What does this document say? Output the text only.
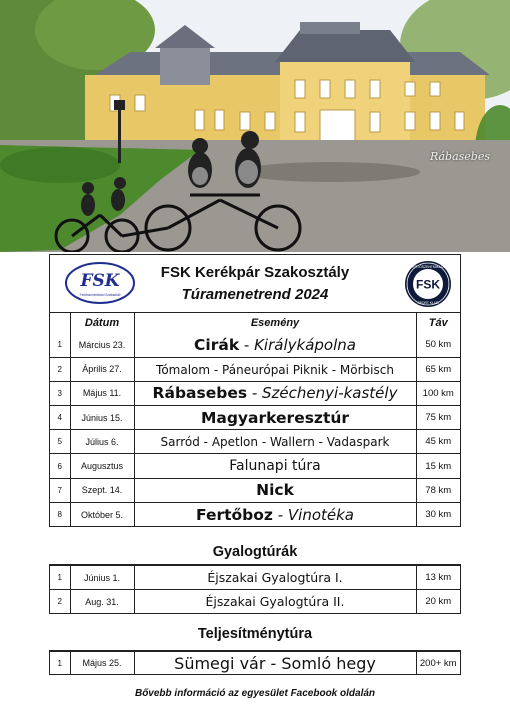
Rábasebes
FSK
Fertőszentmiklósi Szabadidő
FSK Kerékpár Szakosztály
Túramenetrend 2024
FSK
FERTŐSZENTMIKLÓS
SPORT KLUB
	Dátum	Esemény	Táv
1	Március 23.	Cirák - Királykápolna	50 km
2	Április 27.	Tómalom - Páneurópai Piknik - Mörbisch	65 km
3	Május 11.	Rábasebes - Széchenyi-kastély	100 km
4	Június 15.	Magyarkeresztúr	75 km
5	Július 6.	Sarród - Apetlon - Wallern - Vadaspark	45 km
6	Augusztus	Falunapi túra	15 km
7	Szept. 14.	Nick	78 km
8	Október 5.	Fertőboz - Vinotéka	30 km
Gyalogtúrák
1	Június 1.	Éjszakai Gyalogtúra I.	13 km
2	Aug. 31.	Éjszakai Gyalogtúra II.	20 km
Teljesítménytúra
1	Május 25.	Sümegi vár - Somló hegy	200+ km
Bővebb információ az egyesület Facebook oldalán
